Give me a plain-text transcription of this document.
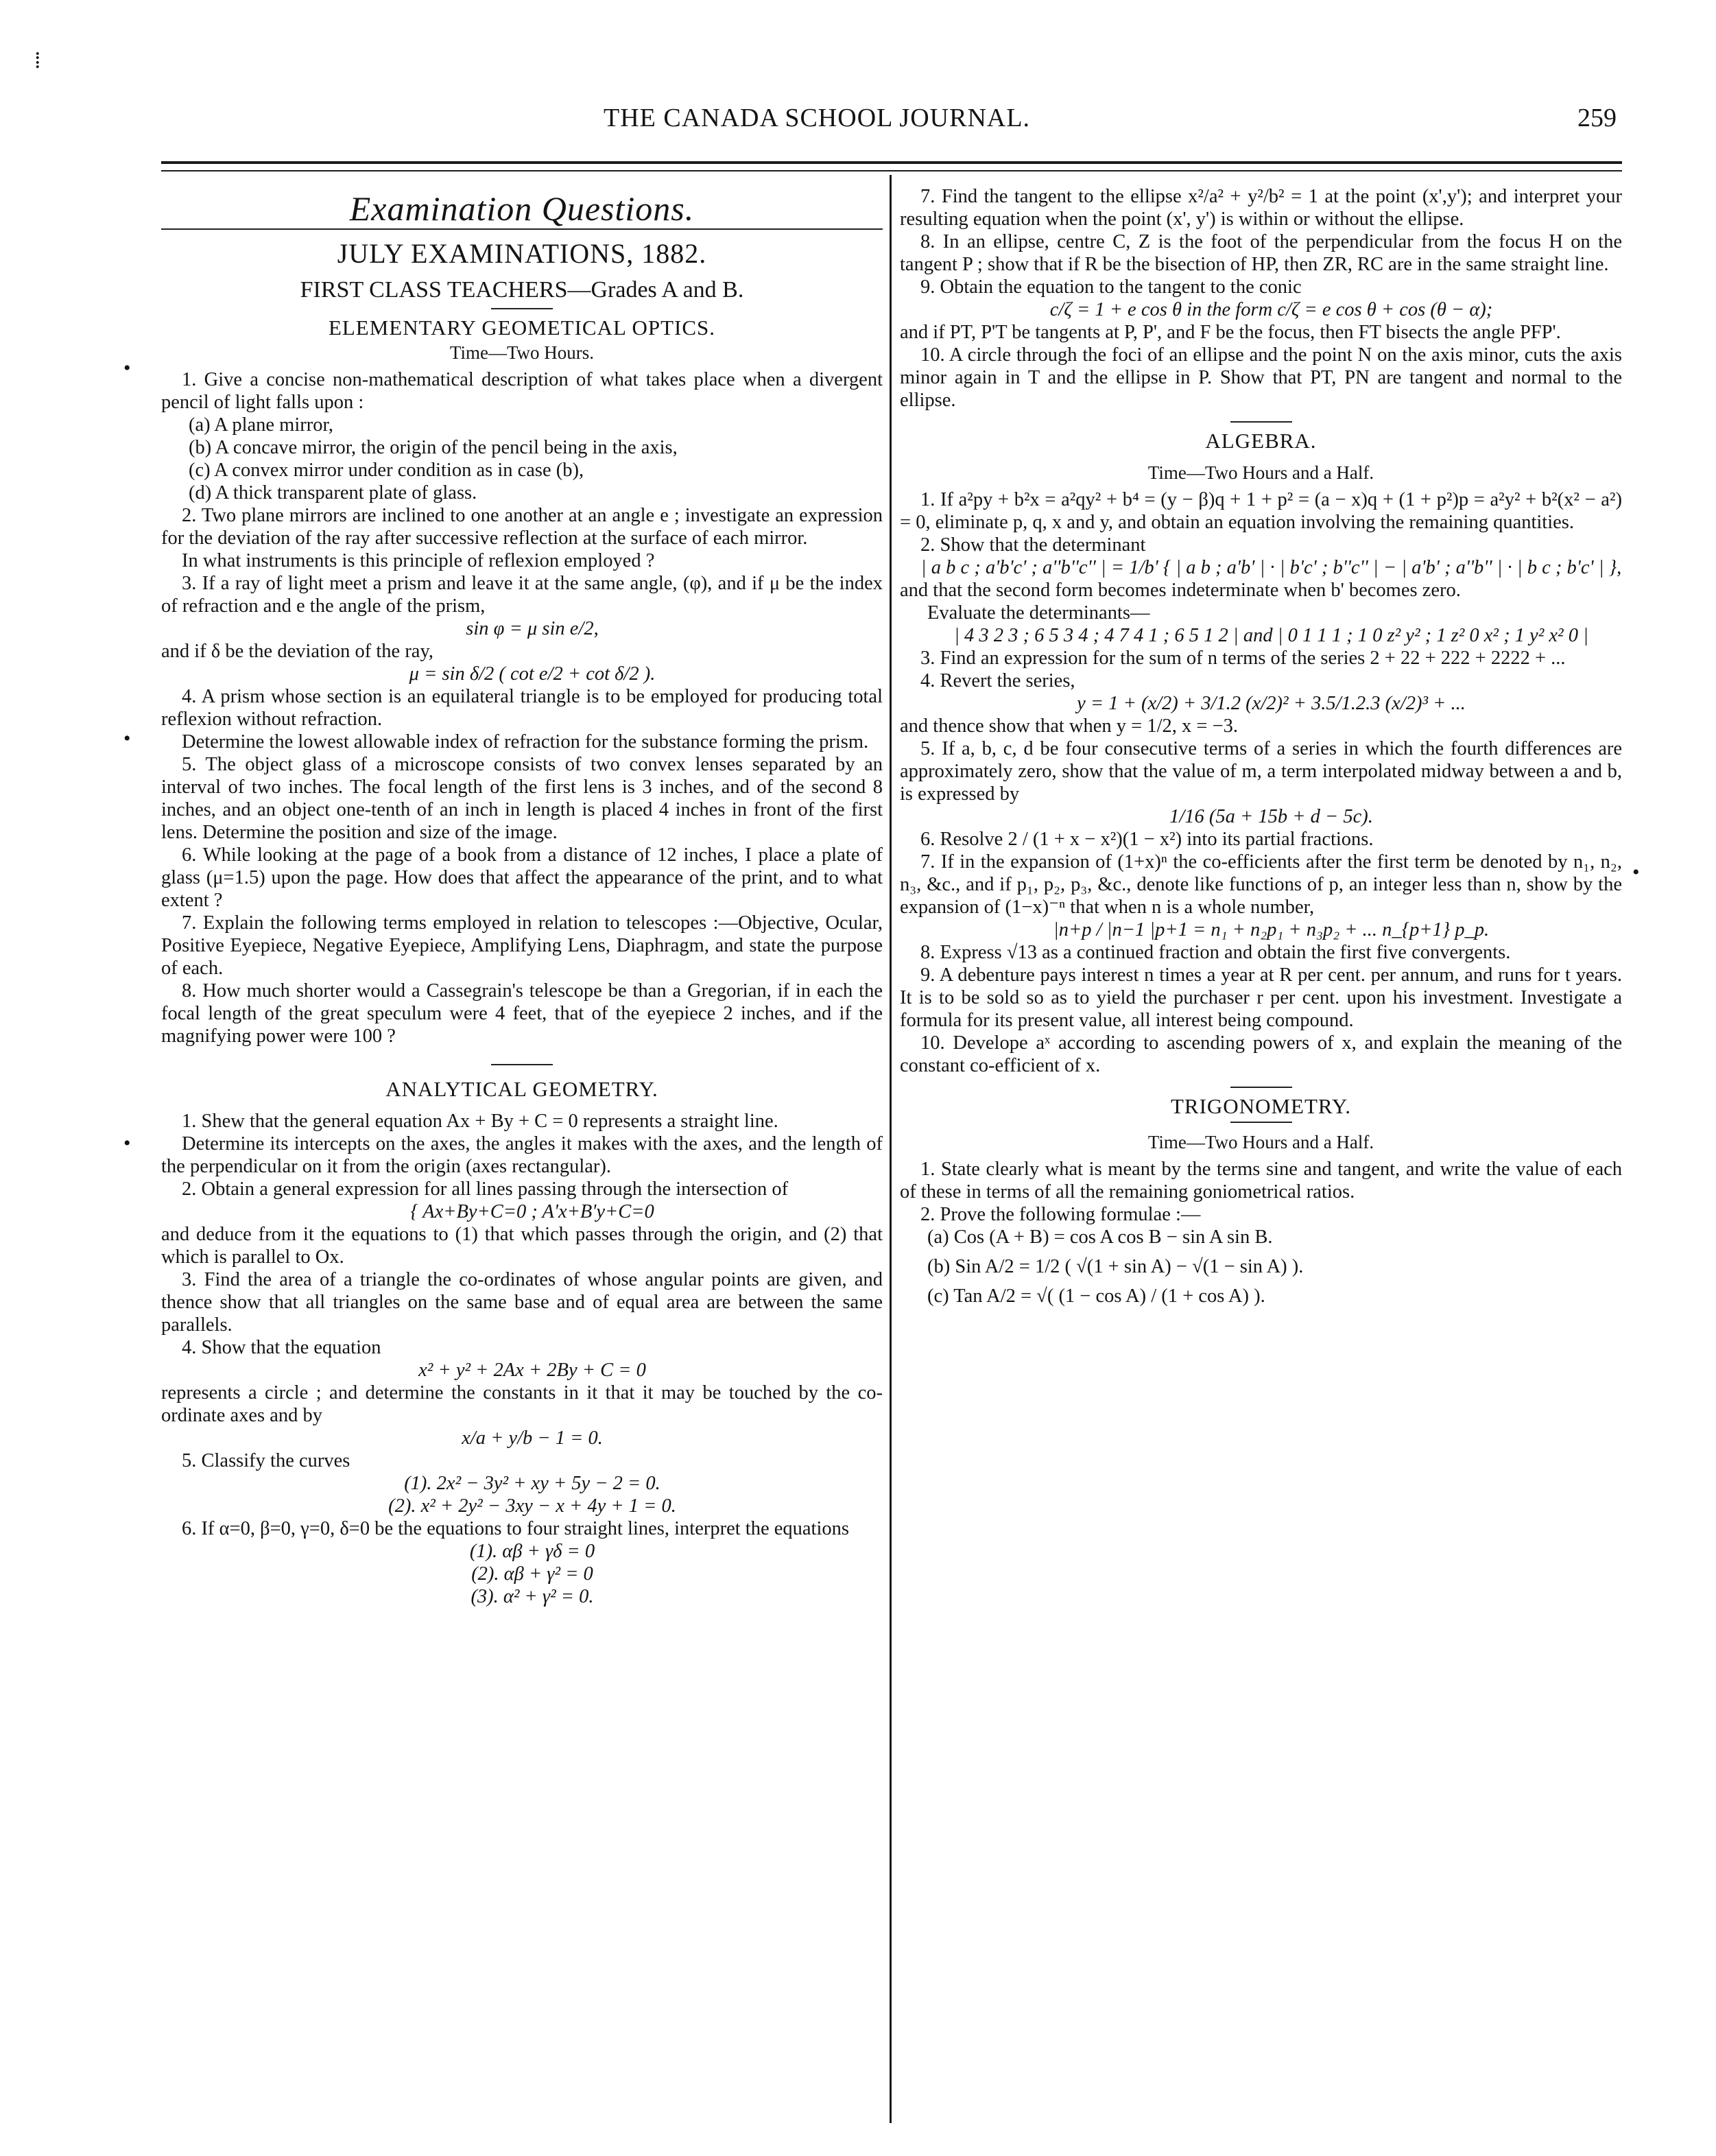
⁞
•
•
•
•
THE CANADA SCHOOL JOURNAL.	259
Examination Questions.
JULY EXAMINATIONS, 1882.
FIRST CLASS TEACHERS—Grades A and B.
ELEMENTARY GEOMETICAL OPTICS.
Time—Two Hours.

1. Give a concise non-mathematical description of what takes place when a divergent pencil of light falls upon :

(a) A plane mirror,

(b) A concave mirror, the origin of the pencil being in the axis,

(c) A convex mirror under condition as in case (b),

(d) A thick transparent plate of glass.

2. Two plane mirrors are inclined to one another at an angle e ; investigate an expression for the deviation of the ray after successive reflection at the surface of each mirror.

In what instruments is this principle of reflexion employed ?

3. If a ray of light meet a prism and leave it at the same angle, (φ), and if μ be the index of refraction and e the angle of the prism,

sin φ = μ sin e/2,

and if δ be the deviation of the ray,

μ = sin δ/2 ( cot e/2 + cot δ/2 ).

4. A prism whose section is an equilateral triangle is to be employed for producing total reflexion without refraction.

Determine the lowest allowable index of refraction for the substance forming the prism.

5. The object glass of a microscope consists of two convex lenses separated by an interval of two inches. The focal length of the first lens is 3 inches, and of the second 8 inches, and an object one-tenth of an inch in length is placed 4 inches in front of the first lens. Determine the position and size of the image.

6. While looking at the page of a book from a distance of 12 inches, I place a plate of glass (μ=1.5) upon the page. How does that affect the appearance of the print, and to what extent ?

7. Explain the following terms employed in relation to telescopes :—Objective, Ocular, Positive Eyepiece, Negative Eyepiece, Amplifying Lens, Diaphragm, and state the purpose of each.

8. How much shorter would a Cassegrain's telescope be than a Gregorian, if in each the focal length of the great speculum were 4 feet, that of the eyepiece 2 inches, and if the magnifying power were 100 ?

ANALYTICAL GEOMETRY.

1. Shew that the general equation Ax + By + C = 0 represents a straight line.

Determine its intercepts on the axes, the angles it makes with the axes, and the length of the perpendicular on it from the origin (axes rectangular).

2. Obtain a general expression for all lines passing through the intersection of

{ Ax+By+C=0 ; A'x+B'y+C=0

and deduce from it the equations to (1) that which passes through the origin, and (2) that which is parallel to Ox.

3. Find the area of a triangle the co-ordinates of whose angular points are given, and thence show that all triangles on the same base and of equal area are between the same parallels.

4. Show that the equation

x² + y² + 2Ax + 2By + C = 0

represents a circle ; and determine the constants in it that it may be touched by the co-ordinate axes and by

x/a + y/b − 1 = 0.

5. Classify the curves

(1). 2x² − 3y² + xy + 5y − 2 = 0.

(2). x² + 2y² − 3xy − x + 4y + 1 = 0.

6. If α=0, β=0, γ=0, δ=0 be the equations to four straight lines, interpret the equations

(1). αβ + γδ = 0

(2). αβ + γ² = 0

(3). α² + γ² = 0.

7. Find the tangent to the ellipse x²/a² + y²/b² = 1 at the point (x',y'); and interpret your resulting equation when the point (x', y') is within or without the ellipse.

8. In an ellipse, centre C, Z is the foot of the perpendicular from the focus H on the tangent P ; show that if R be the bisection of HP, then ZR, RC are in the same straight line.

9. Obtain the equation to the tangent to the conic

c/ζ = 1 + e cos θ in the form c/ζ = e cos θ + cos (θ − α);

and if PT, P'T be tangents at P, P', and F be the focus, then FT bisects the angle PFP'.

10. A circle through the foci of an ellipse and the point N on the axis minor, cuts the axis minor again in T and the ellipse in P. Show that PT, PN are tangent and normal to the ellipse.

ALGEBRA.
Time—Two Hours and a Half.

1. If a²py + b²x = a²qy² + b⁴ = (y − β)q + 1 + p² = (a − x)q + (1 + p²)p = a²y² + b²(x² − a²) = 0, eliminate p, q, x and y, and obtain an equation involving the remaining quantities.

2. Show that the determinant

| a b c ; a'b'c' ; a''b''c'' | = 1/b' { | a b ; a'b' | · | b'c' ; b''c'' | − | a'b' ; a''b'' | · | b c ; b'c' | },

and that the second form becomes indeterminate when b' becomes zero.

Evaluate the determinants—

| 4 3 2 3 ; 6 5 3 4 ; 4 7 4 1 ; 6 5 1 2 | and | 0 1 1 1 ; 1 0 z² y² ; 1 z² 0 x² ; 1 y² x² 0 |

3. Find an expression for the sum of n terms of the series 2 + 22 + 222 + 2222 + ...

4. Revert the series,

y = 1 + (x/2) + 3/1.2 (x/2)² + 3.5/1.2.3 (x/2)³ + ...

and thence show that when y = 1/2, x = −3.

5. If a, b, c, d be four consecutive terms of a series in which the fourth differences are approximately zero, show that the value of m, a term interpolated midway between a and b, is expressed by

1/16 (5a + 15b + d − 5c).

6. Resolve 2 / (1 + x − x²)(1 − x²) into its partial fractions.

7. If in the expansion of (1+x)ⁿ the co-efficients after the first term be denoted by n₁, n₂, n₃, &c., and if p₁, p₂, p₃, &c., denote like functions of p, an integer less than n, show by the expansion of (1−x)⁻ⁿ that when n is a whole number,

|n+p / |n−1 |p+1 = n₁ + n₂p₁ + n₃p₂ + ... n_{p+1} p_p.

8. Express √13 as a continued fraction and obtain the first five convergents.

9. A debenture pays interest n times a year at R per cent. per annum, and runs for t years. It is to be sold so as to yield the purchaser r per cent. upon his investment. Investigate a formula for its present value, all interest being compound.

10. Develope aˣ according to ascending powers of x, and explain the meaning of the constant co-efficient of x.

TRIGONOMETRY.
Time—Two Hours and a Half.

1. State clearly what is meant by the terms sine and tangent, and write the value of each of these in terms of all the remaining goniometrical ratios.

2. Prove the following formulae :—

(a) Cos (A + B) = cos A cos B − sin A sin B.

(b) Sin A/2 = 1/2 ( √(1 + sin A) − √(1 − sin A) ).

(c) Tan A/2 = √( (1 − cos A) / (1 + cos A) ).
